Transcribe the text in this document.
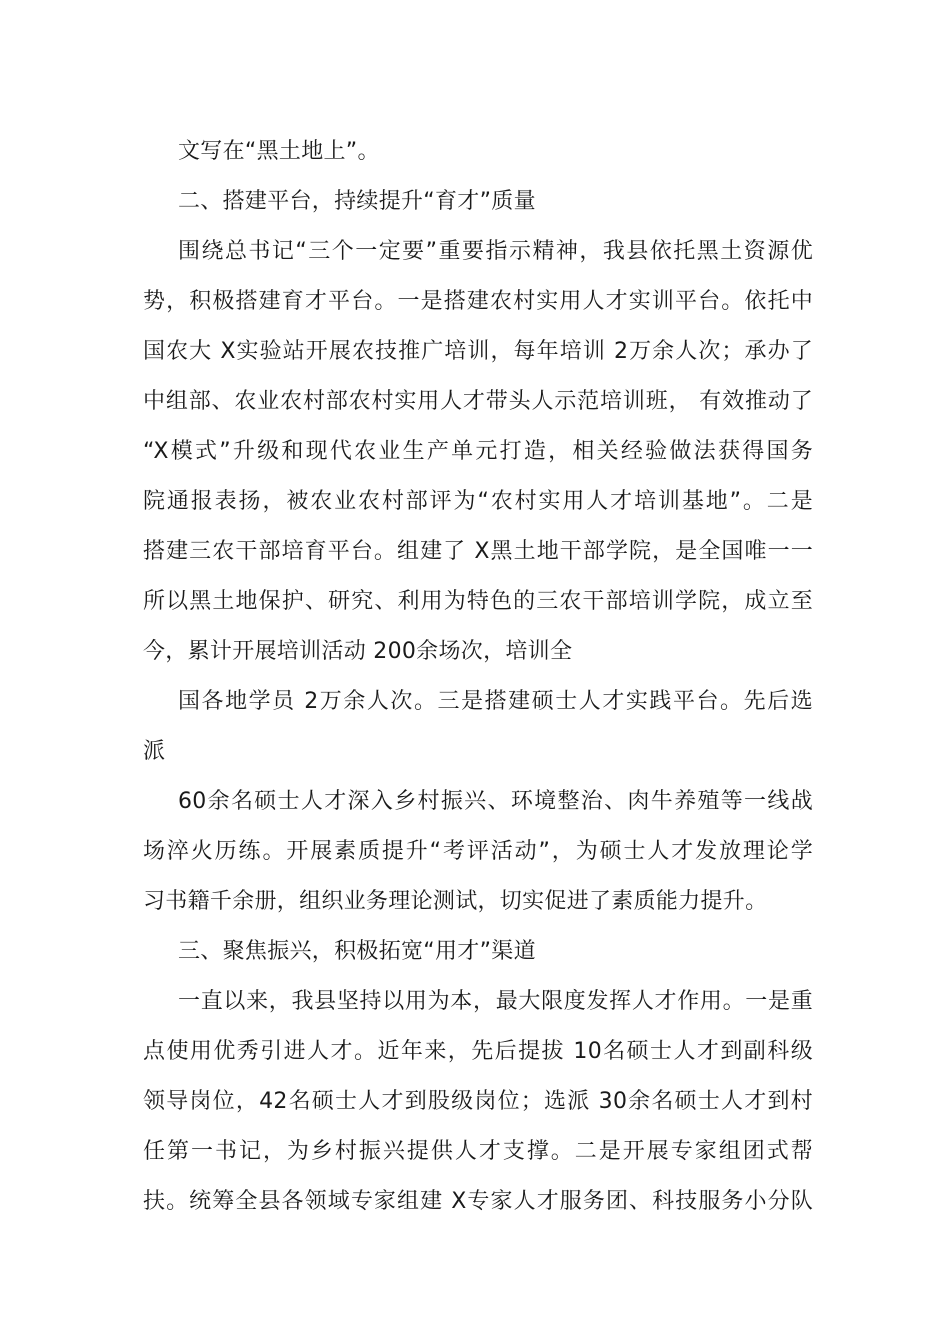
文写在“黑土地上”。
二、搭建平台，持续提升“育才”质量
围绕总书记“三个一定要”重要指示精神，我县依托黑土资源优
势，积极搭建育才平台。一是搭建农村实用人才实训平台。依托中
国农大 X实验站开展农技推广培训，每年培训 2万余人次；承办了
中组部、农业农村部农村实用人才带头人示范培训班， 有效推动了
“X模式”升级和现代农业生产单元打造，相关经验做法获得国务
院通报表扬，被农业农村部评为“农村实用人才培训基地”。二是
搭建三农干部培育平台。组建了 X黑土地干部学院，是全国唯一一
所以黑土地保护、研究、利用为特色的三农干部培训学院，成立至
今，累计开展培训活动 200余场次，培训全
国各地学员 2万余人次。三是搭建硕士人才实践平台。先后选
派
60余名硕士人才深入乡村振兴、环境整治、肉牛养殖等一线战
场淬火历练。开展素质提升“考评活动”，为硕士人才发放理论学
习书籍千余册，组织业务理论测试，切实促进了素质能力提升。
三、聚焦振兴，积极拓宽“用才”渠道
一直以来，我县坚持以用为本，最大限度发挥人才作用。一是重
点使用优秀引进人才。近年来，先后提拔 10名硕士人才到副科级
领导岗位，42名硕士人才到股级岗位；选派 30余名硕士人才到村
任第一书记，为乡村振兴提供人才支撑。二是开展专家组团式帮
扶。统筹全县各领域专家组建 X专家人才服务团、科技服务小分队
